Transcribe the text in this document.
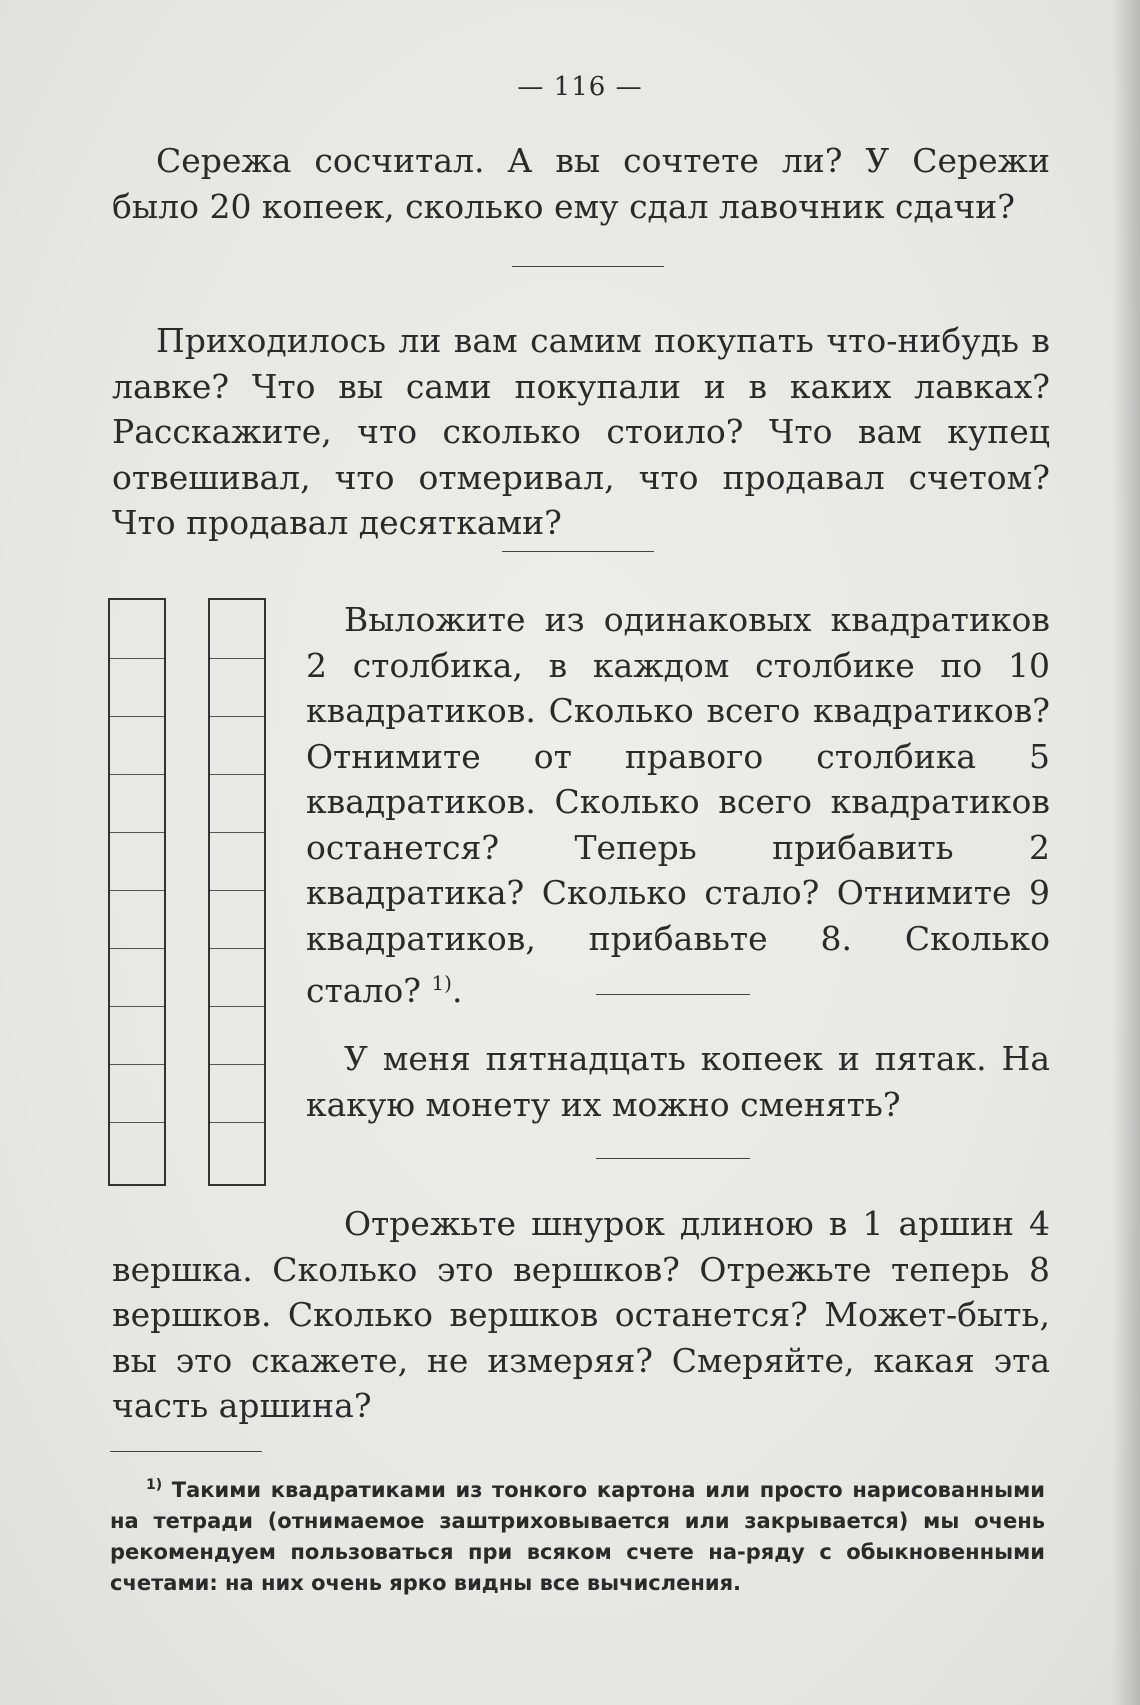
— 116 —

Сережа сосчитал. А вы сочтете ли? У Сережи было 20 копеек, сколько ему сдал лавочник сдачи?

Приходилось ли вам самим покупать что-нибудь в лавке? Что вы сами покупали и в каких лавках? Расскажите, что сколько стоило? Что вам купец отвешивал, что отмеривал, что продавал счетом? Что продавал десятками?

Выложите из одинаковых квадратиков 2 столбика, в каждом столбике по 10 квадратиков. Сколько всего квадратиков? Отнимите от правого столбика 5 квадратиков. Сколько всего квадратиков останется? Теперь прибавить 2 квадратика? Сколько стало? Отнимите 9 квадратиков, прибавьте 8. Сколько стало? $^{1)}$.

У меня пятнадцать копеек и пятак. На какую монету их можно сменять?

Отрежьте шнурок длиною в 1 аршин 4 вершка. Сколько это вершков? Отрежьте теперь 8 вершков. Сколько вершков останется? Может-быть, вы это скажете, не измеряя? Смеряйте, какая эта часть аршина?

$^{1)}$ Такими квадратиками из тонкого картона или просто нарисованными на тетради (отнимаемое заштриховывается или закрывается) мы очень рекомендуем пользоваться при всяком счете на-ряду с обыкновенными счетами: на них очень ярко видны все вычисления.
